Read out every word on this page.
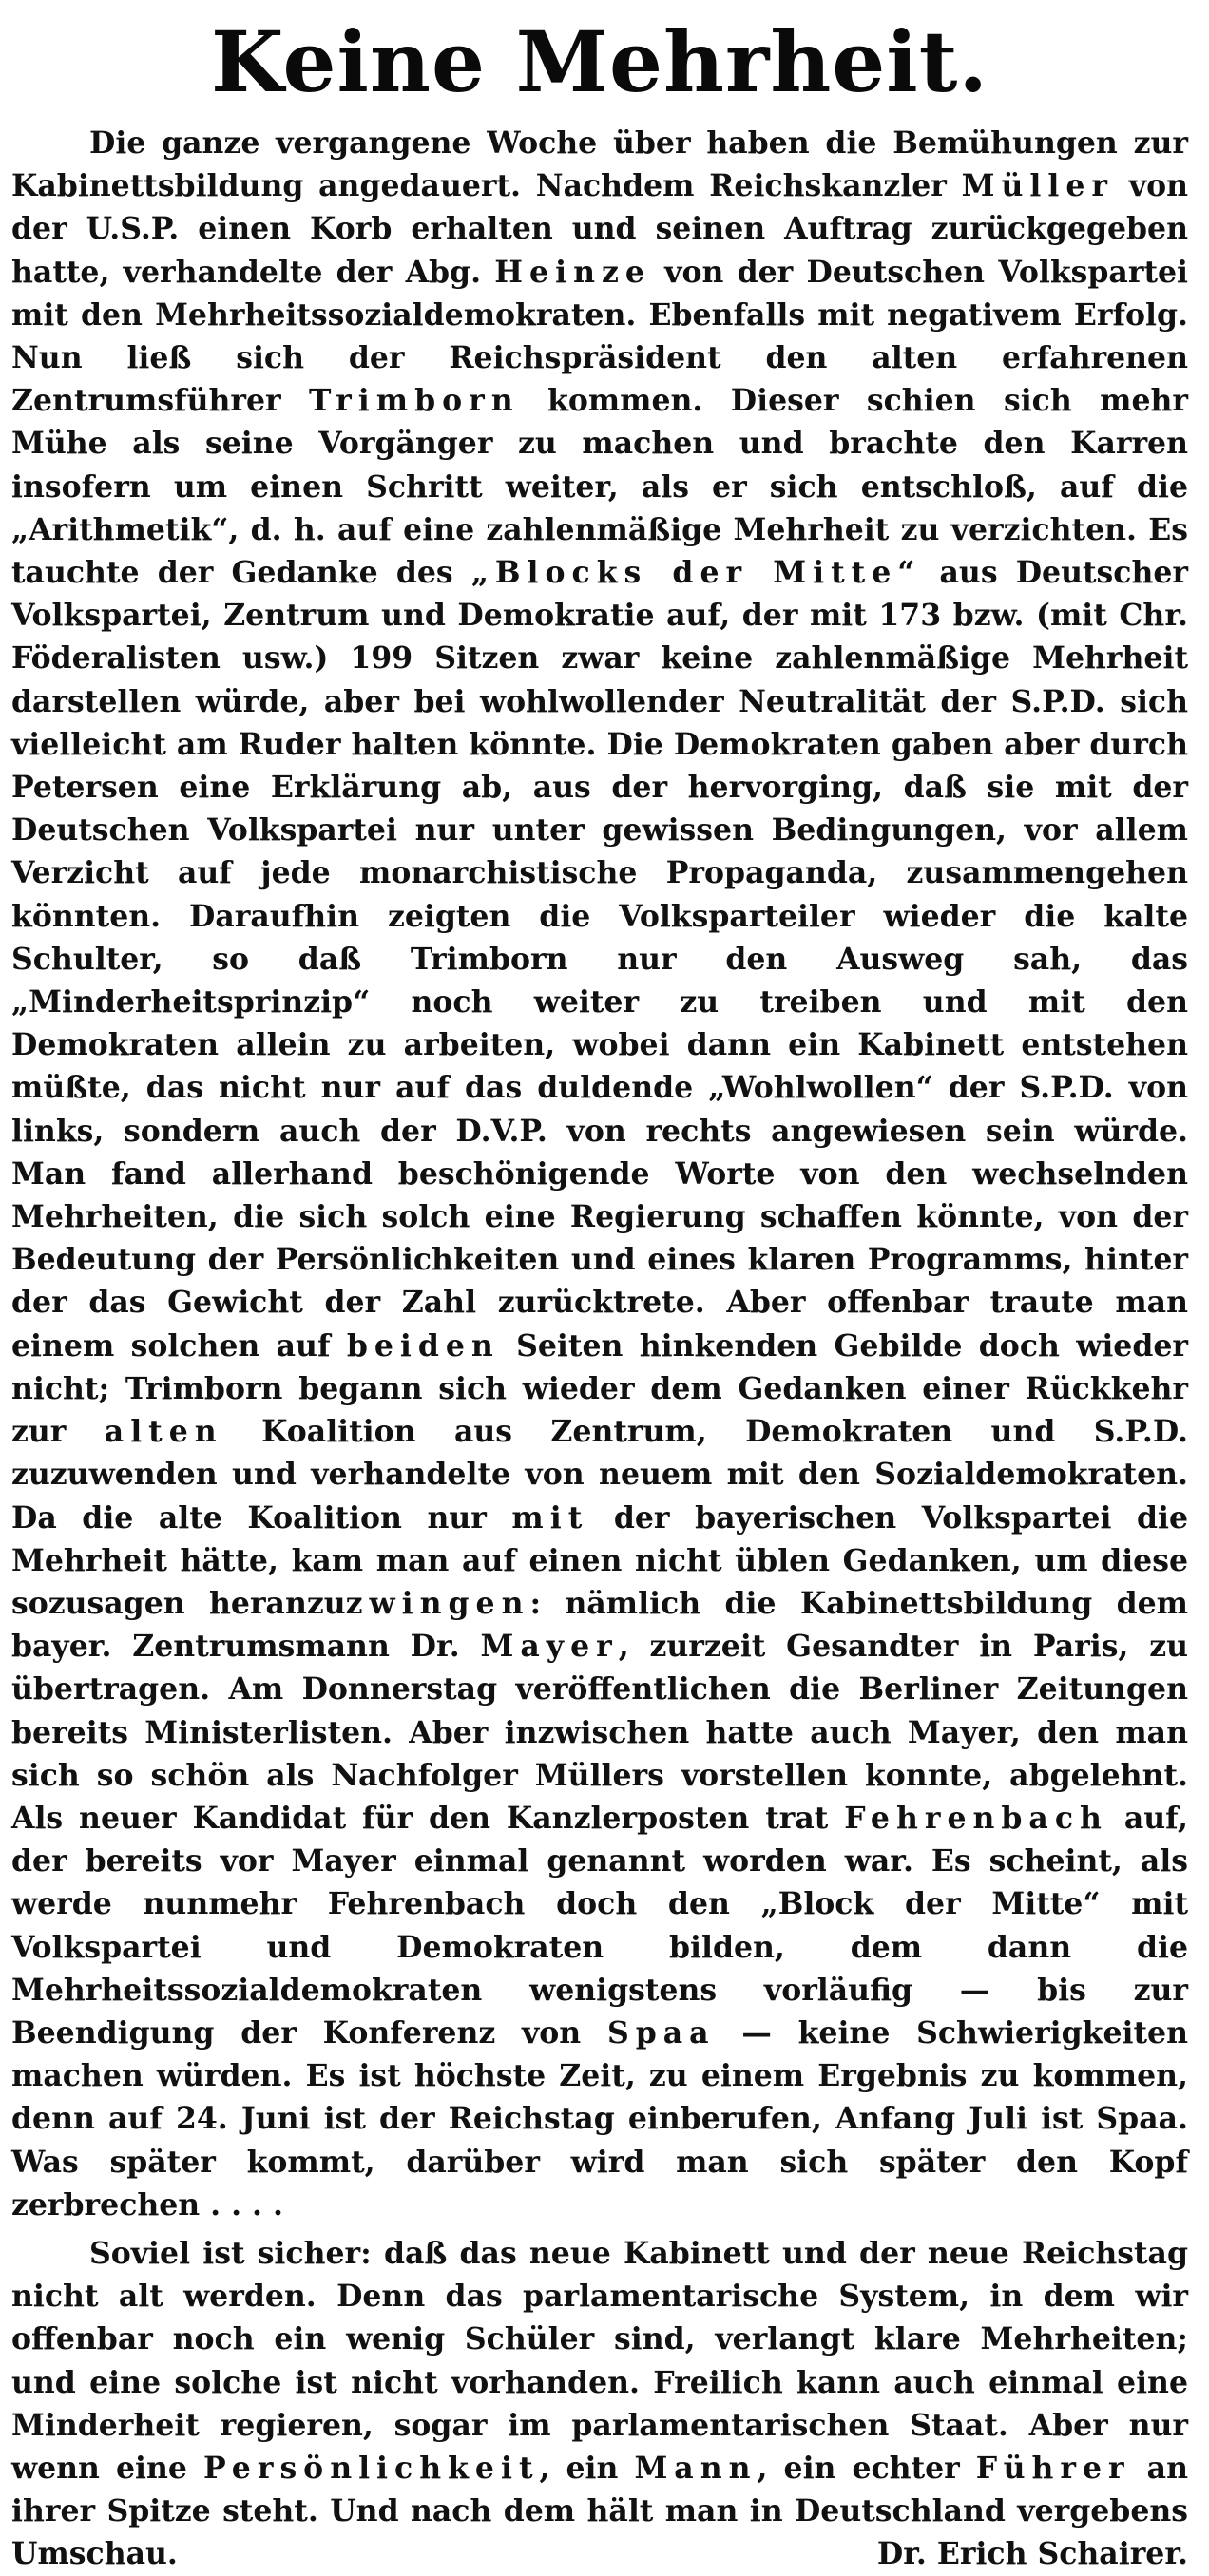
Keine Mehrheit.

Die ganze vergangene Woche über haben die Bemühungen zur Kabinettsbildung angedauert. Nachdem Reichskanzler Müller von der U.S.P. einen Korb erhalten und seinen Auftrag zurückgegeben hatte, verhandelte der Abg. Heinze von der Deutschen Volkspartei mit den Mehrheitssozialdemokraten. Ebenfalls mit negativem Erfolg. Nun ließ sich der Reichspräsident den alten erfahrenen Zentrumsführer Trimborn kommen. Dieser schien sich mehr Mühe als seine Vorgänger zu machen und brachte den Karren insofern um einen Schritt weiter, als er sich entschloß, auf die „Arithmetik“, d. h. auf eine zahlenmäßige Mehrheit zu verzichten. Es tauchte der Gedanke des „Blocks der Mitte“ aus Deutscher Volkspartei, Zentrum und Demokratie auf, der mit 173 bzw. (mit Chr. Föderalisten usw.) 199 Sitzen zwar keine zahlenmäßige Mehrheit darstellen würde, aber bei wohlwollender Neutralität der S.P.D. sich vielleicht am Ruder halten könnte. Die Demokraten gaben aber durch Petersen eine Erklärung ab, aus der hervorging, daß sie mit der Deutschen Volkspartei nur unter gewissen Bedingungen, vor allem Verzicht auf jede monarchistische Propaganda, zusammengehen könnten. Daraufhin zeigten die Volksparteiler wieder die kalte Schulter, so daß Trimborn nur den Ausweg sah, das „Minderheitsprinzip“ noch weiter zu treiben und mit den Demokraten allein zu arbeiten, wobei dann ein Kabinett entstehen müßte, das nicht nur auf das duldende „Wohlwollen“ der S.P.D. von links, sondern auch der D.V.P. von rechts angewiesen sein würde. Man fand allerhand beschönigende Worte von den wechselnden Mehrheiten, die sich solch eine Regierung schaffen könnte, von der Bedeutung der Persönlichkeiten und eines klaren Programms, hinter der das Gewicht der Zahl zurücktrete. Aber offenbar traute man einem solchen auf beiden Seiten hinkenden Gebilde doch wieder nicht; Trimborn begann sich wieder dem Gedanken einer Rückkehr zur alten Koalition aus Zentrum, Demokraten und S.P.D. zuzuwenden und verhandelte von neuem mit den Sozialdemokraten. Da die alte Koalition nur mit der bayerischen Volkspartei die Mehrheit hätte, kam man auf einen nicht üblen Gedanken, um diese sozusagen heranzuzwingen: nämlich die Kabinettsbildung dem bayer. Zentrumsmann Dr. Mayer, zurzeit Gesandter in Paris, zu übertragen. Am Donnerstag veröffentlichen die Berliner Zeitungen bereits Ministerlisten. Aber inzwischen hatte auch Mayer, den man sich so schön als Nachfolger Müllers vorstellen konnte, abgelehnt. Als neuer Kandidat für den Kanzlerposten trat Fehrenbach auf, der bereits vor Mayer einmal genannt worden war. Es scheint, als werde nunmehr Fehrenbach doch den „Block der Mitte“ mit Volkspartei und Demokraten bilden, dem dann die Mehrheitssozialdemokraten wenigstens vorläufig — bis zur Beendigung der Konferenz von Spaa — keine Schwierigkeiten machen würden. Es ist höchste Zeit, zu einem Ergebnis zu kommen, denn auf 24. Juni ist der Reichstag einberufen, Anfang Juli ist Spaa. Was später kommt, darüber wird man sich später den Kopf zerbrechen . . . .

Soviel ist sicher: daß das neue Kabinett und der neue Reichstag nicht alt werden. Denn das parlamentarische System, in dem wir offenbar noch ein wenig Schüler sind, verlangt klare Mehrheiten; und eine solche ist nicht vorhanden. Freilich kann auch einmal eine Minderheit regieren, sogar im parlamentarischen Staat. Aber nur wenn eine Persönlichkeit, ein Mann, ein echter Führer an ihrer Spitze steht. Und nach dem hält man in Deutschland vergebens Umschau.	Dr. Erich Schairer.
